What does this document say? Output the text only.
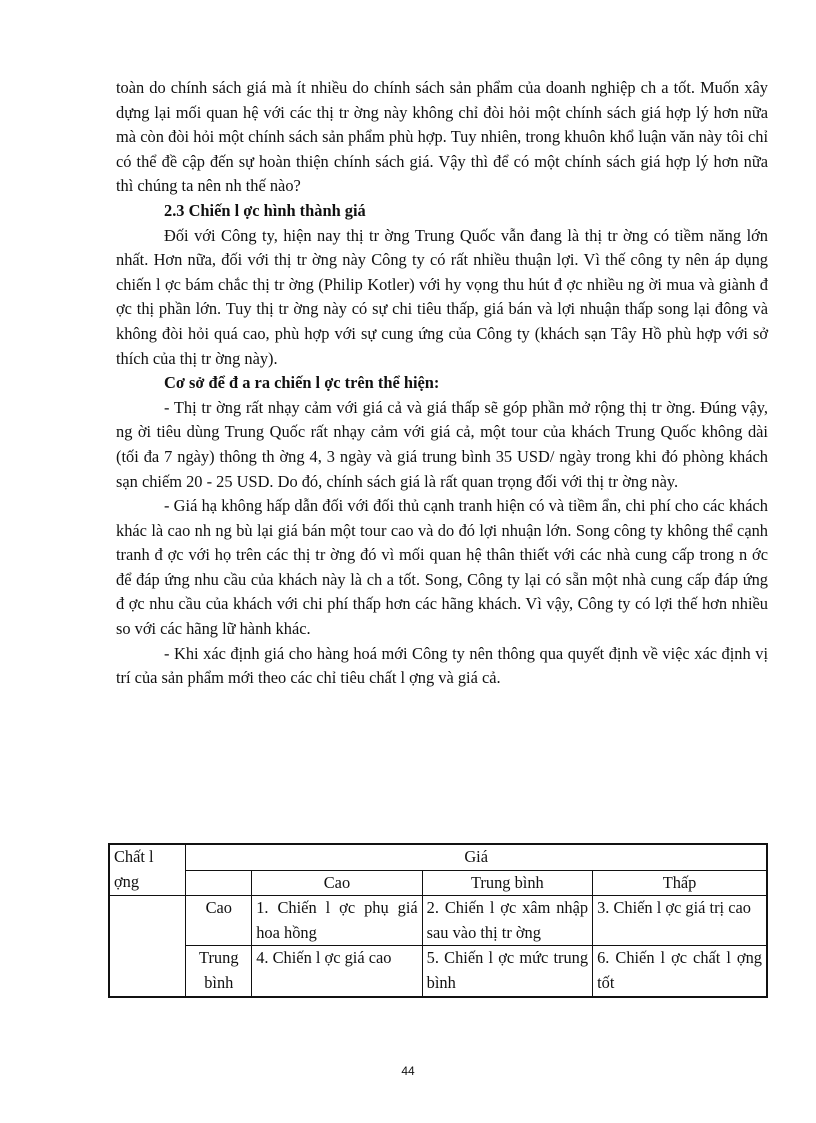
toàn do chính sách giá mà ít nhiều do chính sách sản phẩm của doanh nghiệp ch a tốt. Muốn xây dựng lại mối quan hệ với các thị tr ờng này không chỉ đòi hỏi một chính sách giá hợp lý hơn nữa mà còn đòi hỏi một chính sách sản phẩm phù hợp. Tuy nhiên, trong khuôn khổ luận văn này tôi chỉ có thể đề cập đến sự hoàn thiện chính sách giá. Vậy thì để có một chính sách giá hợp lý hơn nữa thì chúng ta nên nh thế nào?

2.3 Chiến l ợc hình thành giá

Đối với Công ty, hiện nay thị tr ờng Trung Quốc vẫn đang là thị tr ờng có tiềm năng lớn nhất. Hơn nữa, đối với thị tr ờng này Công ty có rất nhiều thuận lợi. Vì thế công ty nên áp dụng chiến l ợc bám chắc thị tr ờng (Philip Kotler) với hy vọng thu hút đ ợc nhiều ng ời mua và giành đ ợc thị phần lớn. Tuy thị tr ờng này có sự chi tiêu thấp, giá bán và lợi nhuận thấp song lại đông và không đòi hỏi quá cao, phù hợp với sự cung ứng của Công ty (khách sạn Tây Hồ phù hợp với sở thích của thị tr ờng này).

Cơ sở để đ a ra chiến l ợc trên thể hiện:

- Thị tr ờng rất nhạy cảm với giá cả và giá thấp sẽ góp phần mở rộng thị tr ờng. Đúng vậy, ng ời tiêu dùng Trung Quốc rất nhạy cảm với giá cả, một tour của khách Trung Quốc không dài (tối đa 7 ngày) thông th ờng 4, 3 ngày và giá trung bình 35 USD/ ngày trong khi đó phòng khách sạn chiếm 20 - 25 USD. Do đó, chính sách giá là rất quan trọng đối với thị tr ờng này.

- Giá hạ không hấp dẫn đối với đối thủ cạnh tranh hiện có và tiềm ẩn, chi phí cho các khách khác là cao nh ng bù lại giá bán một tour cao và do đó lợi nhuận lớn. Song công ty không thể cạnh tranh đ ợc với họ trên các thị tr ờng đó vì mối quan hệ thân thiết với các nhà cung cấp trong n ớc để đáp ứng nhu cầu của khách này là ch a tốt. Song, Công ty lại có sẵn một nhà cung cấp đáp ứng đ ợc nhu cầu của khách với chi phí thấp hơn các hãng khách. Vì vậy, Công ty có lợi thế hơn nhiều so với các hãng lữ hành khác.

- Khi xác định giá cho hàng hoá mới Công ty nên thông qua quyết định về việc xác định vị trí của sản phẩm mới theo các chỉ tiêu chất l ợng và giá cả.

Chất l ợng	Giá			
		Cao	Trung bình	Thấp
	Cao	1. Chiến l ợc phụ giá hoa hồng	2. Chiến l ợc xâm nhập sau vào thị tr ờng	3. Chiến l ợc giá trị cao
	Trung bình	4. Chiến l ợc giá cao	5. Chiến l ợc mức trung bình	6. Chiến l ợc chất l ợng tốt
44
